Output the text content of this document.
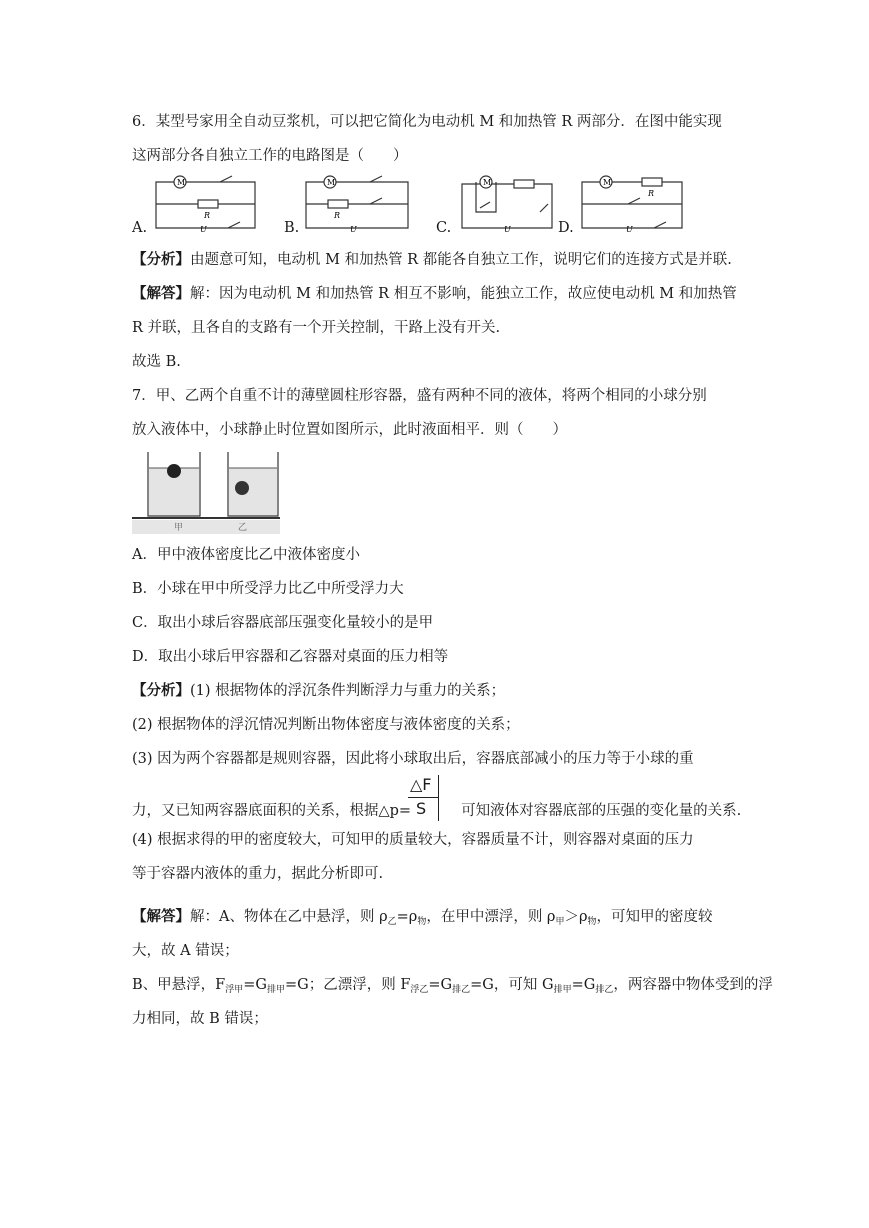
6．某型号家用全自动豆浆机，可以把它简化为电动机 M 和加热管 R 两部分．在图中能实现
这两部分各自独立工作的电路图是（　　）
A.	B.	C.	D.
M
R
U
M
R
U
M
U
M
R
U
【分析】由题意可知，电动机 M 和加热管 R 都能各自独立工作，说明它们的连接方式是并联.
【解答】解：因为电动机 M 和加热管 R 相互不影响，能独立工作，故应使电动机 M 和加热管
R 并联，且各自的支路有一个开关控制，干路上没有开关.
故选 B.
7．甲、乙两个自重不计的薄壁圆柱形容器，盛有两种不同的液体，将两个相同的小球分别
放入液体中，小球静止时位置如图所示，此时液面相平．则（　　）
甲	乙
A．甲中液体密度比乙中液体密度小
B．小球在甲中所受浮力比乙中所受浮力大
C．取出小球后容器底部压强变化量较小的是甲
D．取出小球后甲容器和乙容器对桌面的压力相等
【分析】(1) 根据物体的浮沉条件判断浮力与重力的关系；
(2) 根据物体的浮沉情况判断出物体密度与液体密度的关系；
(3) 因为两个容器都是规则容器，因此将小球取出后，容器底部减小的压力等于小球的重
力，又已知两容器底面积的关系，根据△p=	可知液体对容器底部的压强的变化量的关系.
△F
S
(4) 根据求得的甲的密度较大，可知甲的质量较大，容器质量不计，则容器对桌面的压力
等于容器内液体的重力，据此分析即可.
【解答】解：A、物体在乙中悬浮，则 $\rho_乙=\rho_物$，在甲中漂浮，则 $\rho_甲>\rho_物$，可知甲的密度较
大，故 A 错误；
B、甲悬浮，$F_{浮甲}=G_{排甲}=G$；乙漂浮，则 $F_{浮乙}=G_{排乙}=G$，可知 $G_{排甲}=G_{排乙}$，两容器中物体受到的浮
力相同，故 B 错误；
